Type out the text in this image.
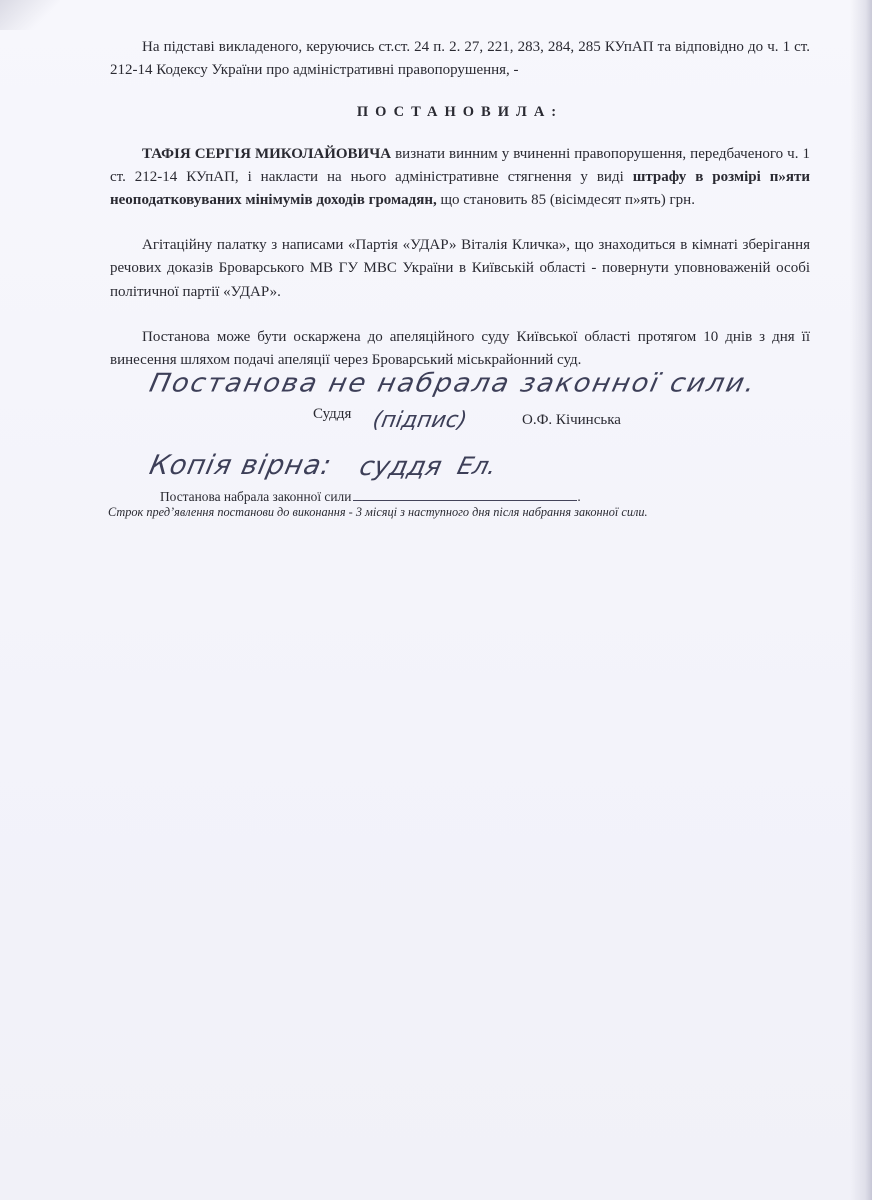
На підставі викладеного, керуючись ст.ст. 24 п. 2. 27, 221, 283, 284, 285 КУпАП та відповідно до ч. 1 ст. 212-14 Кодексу України про адміністративні правопорушення, -

ПОСТАНОВИЛА:

ТАФІЯ СЕРГІЯ МИКОЛАЙОВИЧА визнати винним у вчиненні правопорушення, передбаченого ч. 1 ст. 212-14 КУпАП, і накласти на нього адміністративне стягнення у виді штрафу в розмірі п»яти неоподатковуваних мінімумів доходів громадян, що становить 85 (вісімдесят п»ять) грн.

Агітаційну палатку з написами «Партія «УДАР» Віталія Кличка», що знаходиться в кімнаті зберігання речових доказів Броварського МВ ГУ МВС України в Київській області - повернути уповноваженій особі політичної партії «УДАР».

Постанова може бути оскаржена до апеляційного суду Київської області протягом 10 днів з дня її винесення шляхом подачі апеляції через Броварський міськрайонний суд.

Постанова не набрала законної сили.
Суддя (підпис)	О.Ф. Кічинська
Копія вірна: суддя Ел.
Постанова набрала законної сили	.
Строк пред’явлення постанови до виконання - 3 місяці з наступного дня після набрання законної сили.
